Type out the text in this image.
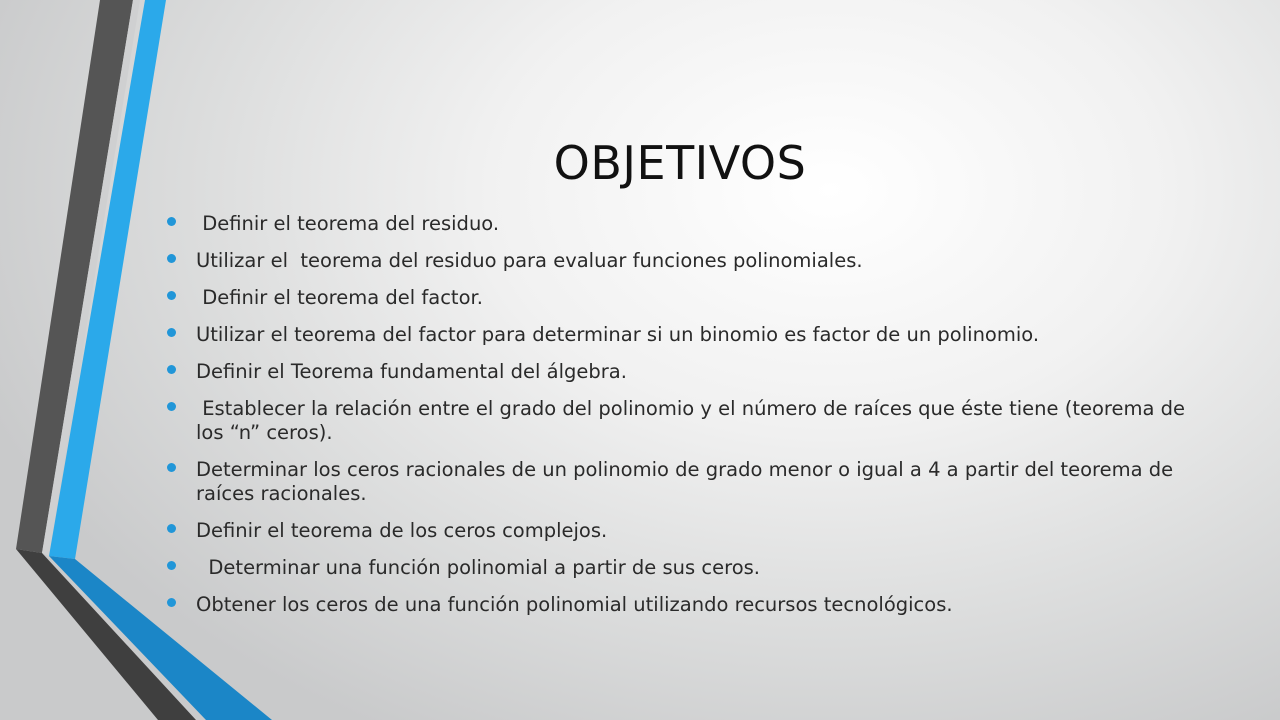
OBJETIVOS
Definir el teorema del residuo.
Utilizar el  teorema del residuo para evaluar funciones polinomiales.
Definir el teorema del factor.
Utilizar el teorema del factor para determinar si un binomio es factor de un polinomio.
Definir el Teorema fundamental del álgebra.
Establecer la relación entre el grado del polinomio y el número de raíces que éste tiene (teorema de los “n” ceros).
Determinar los ceros racionales de un polinomio de grado menor o igual a 4 a partir del teorema de raíces racionales.
Definir el teorema de los ceros complejos.
Determinar una función polinomial a partir de sus ceros.
Obtener los ceros de una función polinomial utilizando recursos tecnológicos.
